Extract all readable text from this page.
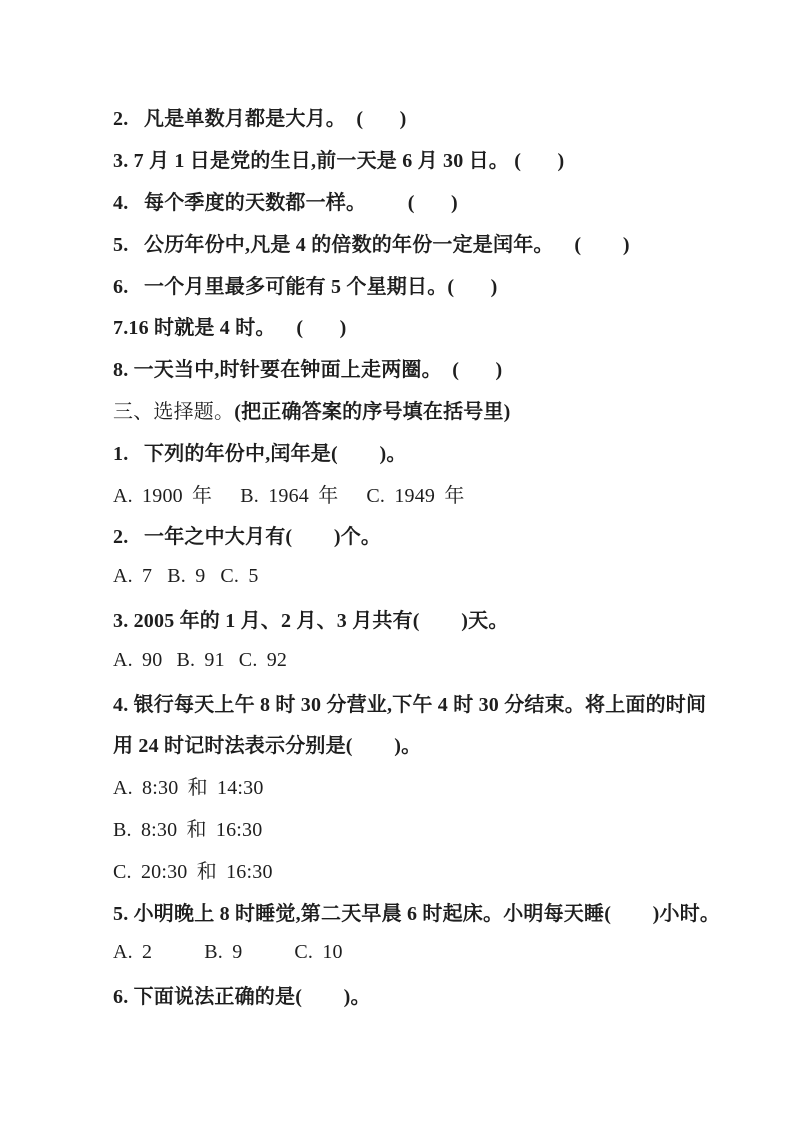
2.   凡是单数月都是大月。  (       )
3. 7 月 1 日是党的生日,前一天是 6 月 30 日。 (       )
4.   每个季度的天数都一样。        (       )
5.   公历年份中,凡是 4 的倍数的年份一定是闰年。    (        )
6.   一个月里最多可能有 5 个星期日。(       )
7.16 时就是 4 时。    (       )
8. 一天当中,时针要在钟面上走两圈。  (       )
三、选择题。 (把正确答案的序号填在括号里)
1.   下列的年份中,闰年是(        )。
A. 1900 年 B. 1964 年 C. 1949 年
2.   一年之中大月有(        )个。
A. 7 B. 9 C. 5
3. 2005 年的 1 月、2 月、3 月共有(        )天。
A. 90 B. 91 C. 92
4. 银行每天上午 8 时 30 分营业,下午 4 时 30 分结束。将上面的时间
用 24 时记时法表示分别是(        )。
A. 8:30 和 14:30
B. 8:30 和 16:30
C. 20:30 和 16:30
5. 小明晚上 8 时睡觉,第二天早晨 6 时起床。小明每天睡(        )小时。
A. 2	B. 9	C. 10
6. 下面说法正确的是(        )。
